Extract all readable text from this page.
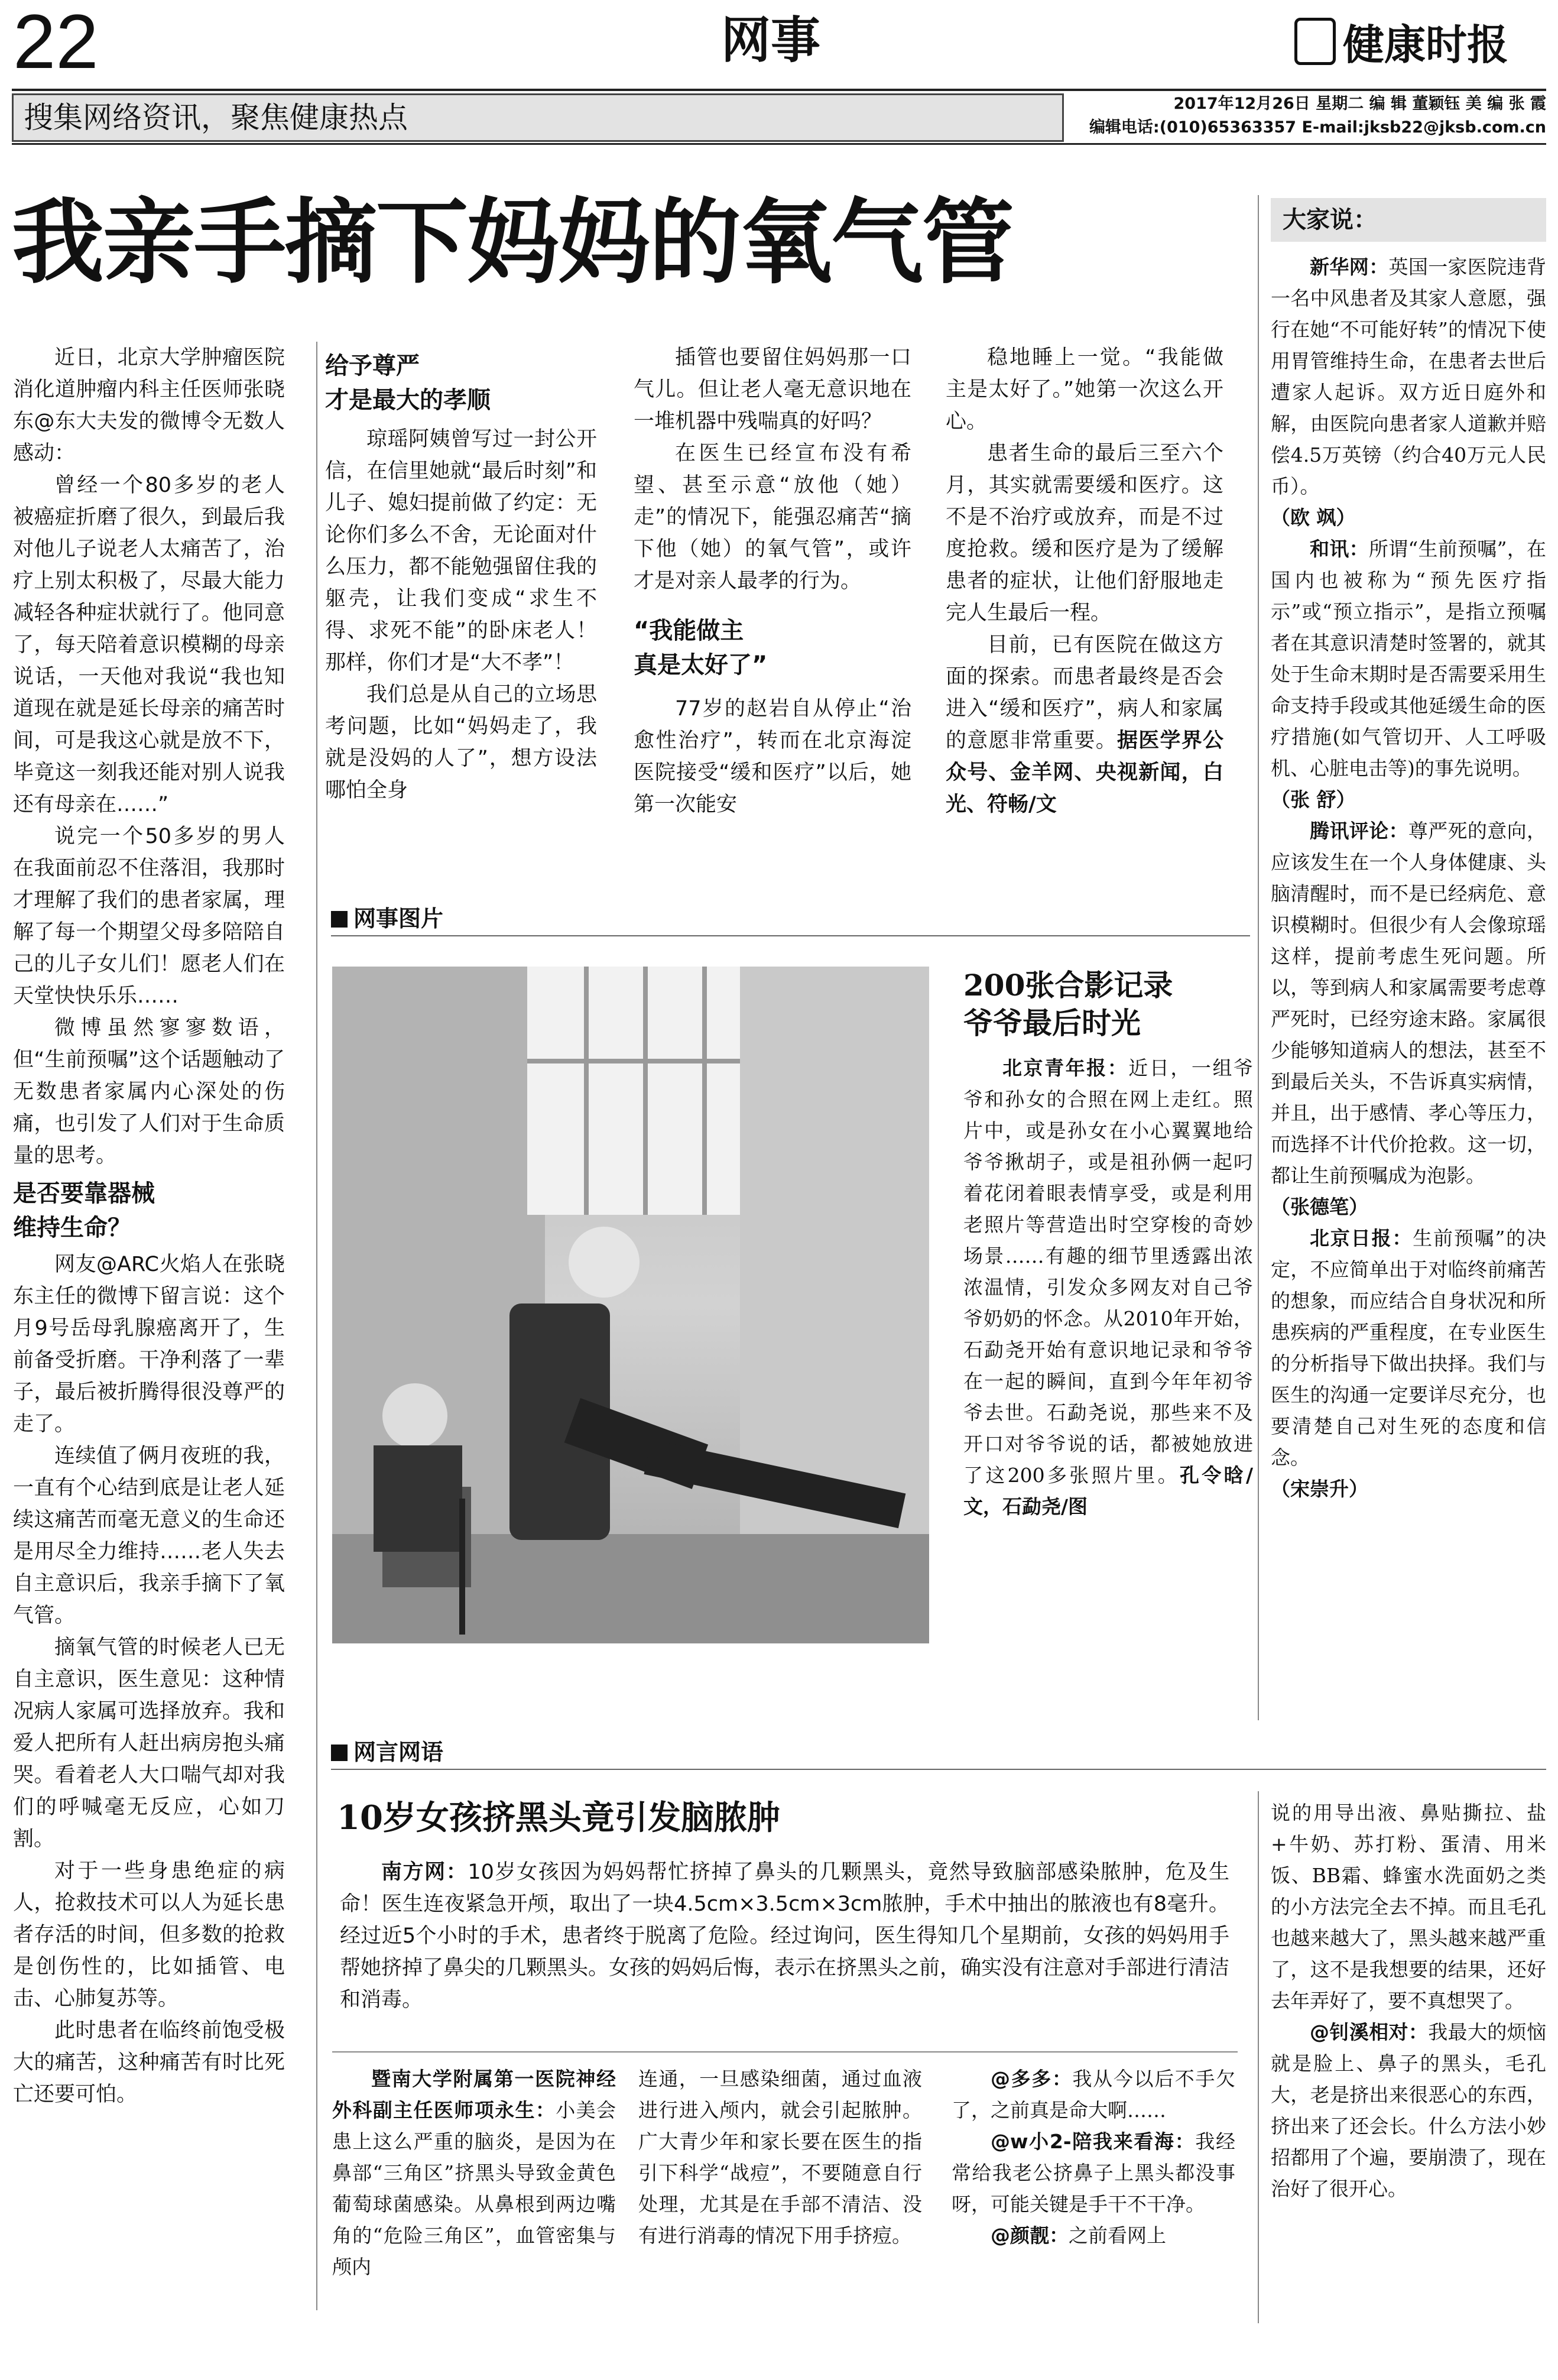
22	网事	健康时报
搜集网络资讯，聚焦健康热点	2017年12月26日 星期二 编 辑 董颖钰 美 编 张 霞
编辑电话:(010)65363357 E-mail:jksb22@jksb.com.cn
我亲手摘下妈妈的氧气管	大家说：

新华网：英国一家医院违背一名中风患者及其家人意愿，强行在她“不可能好转”的情况下使用胃管维持生命，在患者去世后遭家人起诉。双方近日庭外和解，由医院向患者家人道歉并赔偿4.5万英镑（约合40万元人民币）。

（欧 飒）

和讯：所谓“生前预嘱”，在国内也被称为“预先医疗指示”或“预立指示”，是指立预嘱者在其意识清楚时签署的，就其处于生命末期时是否需要采用生命支持手段或其他延缓生命的医疗措施(如气管切开、人工呼吸机、心脏电击等)的事先说明。

（张 舒）

腾讯评论：尊严死的意向，应该发生在一个人身体健康、头脑清醒时，而不是已经病危、意识模糊时。但很少有人会像琼瑶这样，提前考虑生死问题。所以，等到病人和家属需要考虑尊严死时，已经穷途末路。家属很少能够知道病人的想法，甚至不到最后关头，不告诉真实病情，并且，出于感情、孝心等压力，而选择不计代价抢救。这一切，都让生前预嘱成为泡影。

（张德笔）

北京日报：生前预嘱”的决定，不应简单出于对临终前痛苦的想象，而应结合自身状况和所患疾病的严重程度，在专业医生的分析指导下做出抉择。我们与医生的沟通一定要详尽充分，也要清楚自己对生死的态度和信念。

（宋崇升）

近日，北京大学肿瘤医院消化道肿瘤内科主任医师张晓东@东大夫发的微博令无数人感动：

曾经一个80多岁的老人被癌症折磨了很久，到最后我对他儿子说老人太痛苦了，治疗上别太积极了，尽最大能力减轻各种症状就行了。他同意了，每天陪着意识模糊的母亲说话，一天他对我说“我也知道现在就是延长母亲的痛苦时间，可是我这心就是放不下，毕竟这一刻我还能对别人说我还有母亲在……”

说完一个50多岁的男人在我面前忍不住落泪，我那时才理解了我们的患者家属，理解了每一个期望父母多陪陪自己的儿子女儿们！愿老人们在天堂快快乐乐……

微博虽然寥寥数语，但“生前预嘱”这个话题触动了无数患者家属内心深处的伤痛，也引发了人们对于生命质量的思考。

是否要靠器械
维持生命？

网友@ARC火焰人在张晓东主任的微博下留言说：这个月9号岳母乳腺癌离开了，生前备受折磨。干净利落了一辈子，最后被折腾得很没尊严的走了。

连续值了俩月夜班的我，一直有个心结到底是让老人延续这痛苦而毫无意义的生命还是用尽全力维持……老人失去自主意识后，我亲手摘下了氧气管。

摘氧气管的时候老人已无自主意识，医生意见：这种情况病人家属可选择放弃。我和爱人把所有人赶出病房抱头痛哭。看着老人大口喘气却对我们的呼喊毫无反应，心如刀割。

对于一些身患绝症的病人，抢救技术可以人为延长患者存活的时间，但多数的抢救是创伤性的，比如插管、电击、心肺复苏等。

此时患者在临终前饱受极大的痛苦，这种痛苦有时比死亡还要可怕。

给予尊严
才是最大的孝顺

琼瑶阿姨曾写过一封公开信，在信里她就“最后时刻”和儿子、媳妇提前做了约定：无论你们多么不舍，无论面对什么压力，都不能勉强留住我的躯壳，让我们变成“求生不得、求死不能”的卧床老人！那样，你们才是“大不孝”！

我们总是从自己的立场思考问题，比如“妈妈走了，我就是没妈的人了”，想方设法哪怕全身

插管也要留住妈妈那一口气儿。但让老人毫无意识地在一堆机器中残喘真的好吗？

在医生已经宣布没有希望、甚至示意“放他（她）走”的情况下，能强忍痛苦“摘下他（她）的氧气管”，或许才是对亲人最孝的行为。

“我能做主
真是太好了”

77岁的赵岩自从停止“治愈性治疗”，转而在北京海淀医院接受“缓和医疗”以后，她第一次能安

稳地睡上一觉。“我能做主是太好了。”她第一次这么开心。

患者生命的最后三至六个月，其实就需要缓和医疗。这不是不治疗或放弃，而是不过度抢救。缓和医疗是为了缓解患者的症状，让他们舒服地走完人生最后一程。

目前，已有医院在做这方面的探索。而患者最终是否会进入“缓和医疗”，病人和家属的意愿非常重要。据医学界公众号、金羊网、央视新闻，白光、符畅/文

网事图片
200张合影记录
爷爷最后时光

北京青年报：近日，一组爷爷和孙女的合照在网上走红。照片中，或是孙女在小心翼翼地给爷爷揪胡子，或是祖孙俩一起叼着花闭着眼表情享受，或是利用老照片等营造出时空穿梭的奇妙场景……有趣的细节里透露出浓浓温情，引发众多网友对自己爷爷奶奶的怀念。从2010年开始，石勐尧开始有意识地记录和爷爷在一起的瞬间，直到今年年初爷爷去世。石勐尧说，那些来不及开口对爷爷说的话，都被她放进了这200多张照片里。孔令晗/文，石勐尧/图

网言网语
10岁女孩挤黑头竟引发脑脓肿

南方网：10岁女孩因为妈妈帮忙挤掉了鼻头的几颗黑头，竟然导致脑部感染脓肿，危及生命！医生连夜紧急开颅，取出了一块4.5cm×3.5cm×3cm脓肿，手术中抽出的脓液也有8毫升。经过近5个小时的手术，患者终于脱离了危险。经过询问，医生得知几个星期前，女孩的妈妈用手帮她挤掉了鼻尖的几颗黑头。女孩的妈妈后悔，表示在挤黑头之前，确实没有注意对手部进行清洁和消毒。

暨南大学附属第一医院神经外科副主任医师项永生：小美会患上这么严重的脑炎，是因为在鼻部“三角区”挤黑头导致金黄色葡萄球菌感染。从鼻根到两边嘴角的“危险三角区”，血管密集与颅内

连通，一旦感染细菌，通过血液进行进入颅内，就会引起脓肿。广大青少年和家长要在医生的指引下科学“战痘”，不要随意自行处理，尤其是在手部不清洁、没有进行消毒的情况下用手挤痘。

@多多：我从今以后不手欠了，之前真是命大啊……

@w小2-陪我来看海：我经常给我老公挤鼻子上黑头都没事呀，可能关键是手干不干净。

@颜靓：之前看网上

说的用导出液、鼻贴撕拉、盐+牛奶、苏打粉、蛋清、用米饭、BB霜、蜂蜜水洗面奶之类的小方法完全去不掉。而且毛孔也越来越大了，黑头越来越严重了，这不是我想要的结果，还好去年弄好了，要不真想哭了。

@钊溪相对：我最大的烦恼就是脸上、鼻子的黑头，毛孔大，老是挤出来很恶心的东西，挤出来了还会长。什么方法小妙招都用了个遍，要崩溃了，现在治好了很开心。
